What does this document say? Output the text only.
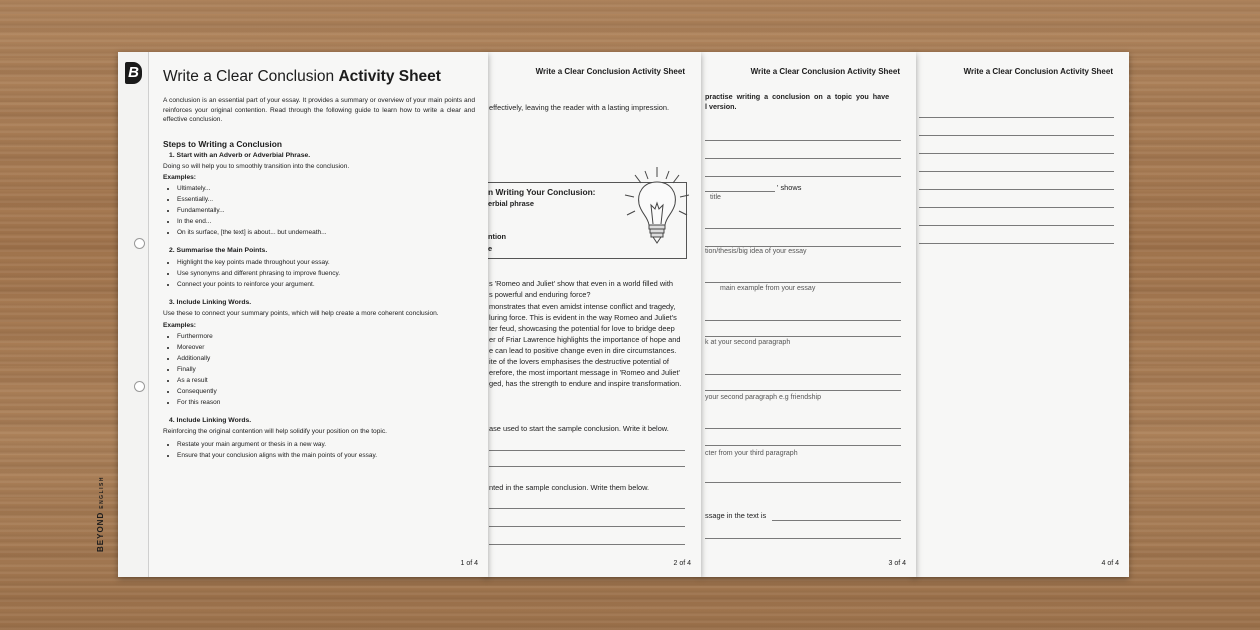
Write a Clear Conclusion Activity Sheet
4 of 4
Write a Clear Conclusion Activity Sheet
practise writing a conclusion on a topic you have
l version.
' shows
title
tion/thesis/big idea of your essay
main example from your essay
k at your second paragraph
your second paragraph e.g friendship
cter from your third paragraph
ssage in the text is
3 of 4
Write a Clear Conclusion Activity Sheet
effectively, leaving the reader with a lasting impression.
n Writing Your Conclusion:
erbial phrase
ntion
e
s 'Romeo and Juliet' show that even in a world filled with
s powerful and enduring force?
monstrates that even amidst intense conflict and tragedy,
luring force. This is evident in the way Romeo and Juliet's
ter feud, showcasing the potential for love to bridge deep
er of Friar Lawrence highlights the importance of hope and
e can lead to positive change even in dire circumstances.
ite of the lovers emphasises the destructive potential of
erefore, the most important message in 'Romeo and Juliet'
ged, has the strength to endure and inspire transformation.
ase used to start the sample conclusion. Write it below.
nted in the sample conclusion. Write them below.
2 of 4
B
BEYONDENGLISH
Write a Clear Conclusion Activity Sheet
A conclusion is an essential part of your essay. It provides a summary or overview of your main points and reinforces your original contention. Read through the following guide to learn how to write a clear and effective conclusion.
Steps to Writing a Conclusion
1. Start with an Adverb or Adverbial Phrase.
Doing so will help you to smoothly transition into the conclusion.
Examples:
• Ultimately...
• Essentially...
• Fundamentally...
• In the end...
• On its surface, [the text] is about... but underneath...
2. Summarise the Main Points.
• Highlight the key points made throughout your essay.
• Use synonyms and different phrasing to improve fluency.
• Connect your points to reinforce your argument.
3. Include Linking Words.
Use these to connect your summary points, which will help create a more coherent conclusion.
Examples:
• Furthermore
• Moreover
• Additionally
• Finally
• As a result
• Consequently
• For this reason
4. Include Linking Words.
Reinforcing the original contention will help solidify your position on the topic.
• Restate your main argument or thesis in a new way.
• Ensure that your conclusion aligns with the main points of your essay.
1 of 4
